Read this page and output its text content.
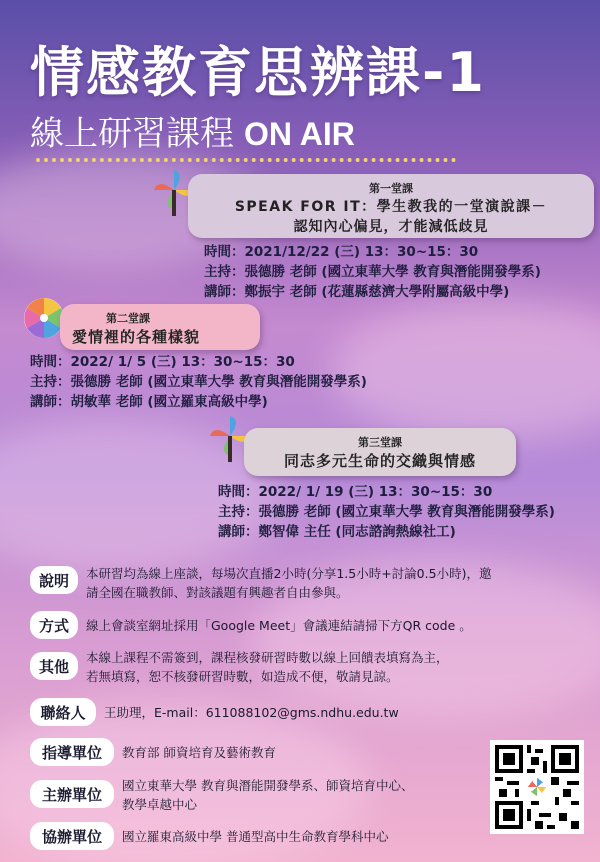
情感教育思辨課-1
線上研習課程 ON AIR
第一堂課
SPEAK FOR IT：學生教我的一堂演說課－
認知內心偏見，才能減低歧見
時間：2021/12/22 (三) 13：30~15：30
主持：張德勝 老師 (國立東華大學 教育與潛能開發學系)
講師：鄭振宇 老師 (花蓮縣慈濟大學附屬高級中學)
第二堂課
愛情裡的各種樣貌
時間：2022/ 1/ 5 (三) 13：30~15：30
主持：張德勝 老師 (國立東華大學 教育與潛能開發學系)
講師：胡敏華 老師 (國立羅東高級中學)
第三堂課
同志多元生命的交織與情感
時間：2022/ 1/ 19 (三) 13：30~15：30
主持：張德勝 老師 (國立東華大學 教育與潛能開發學系)
講師：鄭智偉 主任 (同志諮詢熱線社工)
說明	本研習均為線上座談，每場次直播2小時(分享1.5小時+討論0.5小時)，邀
請全國在職教師、對該議題有興趣者自由參與。
方式	線上會談室網址採用「Google Meet」會議連結請掃下方QR code 。
其他	本線上課程不需簽到，課程核發研習時數以線上回饋表填寫為主，
若無填寫，恕不核發研習時數，如造成不便，敬請見諒。
聯絡人	王助理，E-mail：611088102@gms.ndhu.edu.tw
指導單位	教育部 師資培育及藝術教育
主辦單位	國立東華大學 教育與潛能開發學系、師資培育中心、
教學卓越中心
協辦單位	國立羅東高級中學 普通型高中生命教育學科中心
